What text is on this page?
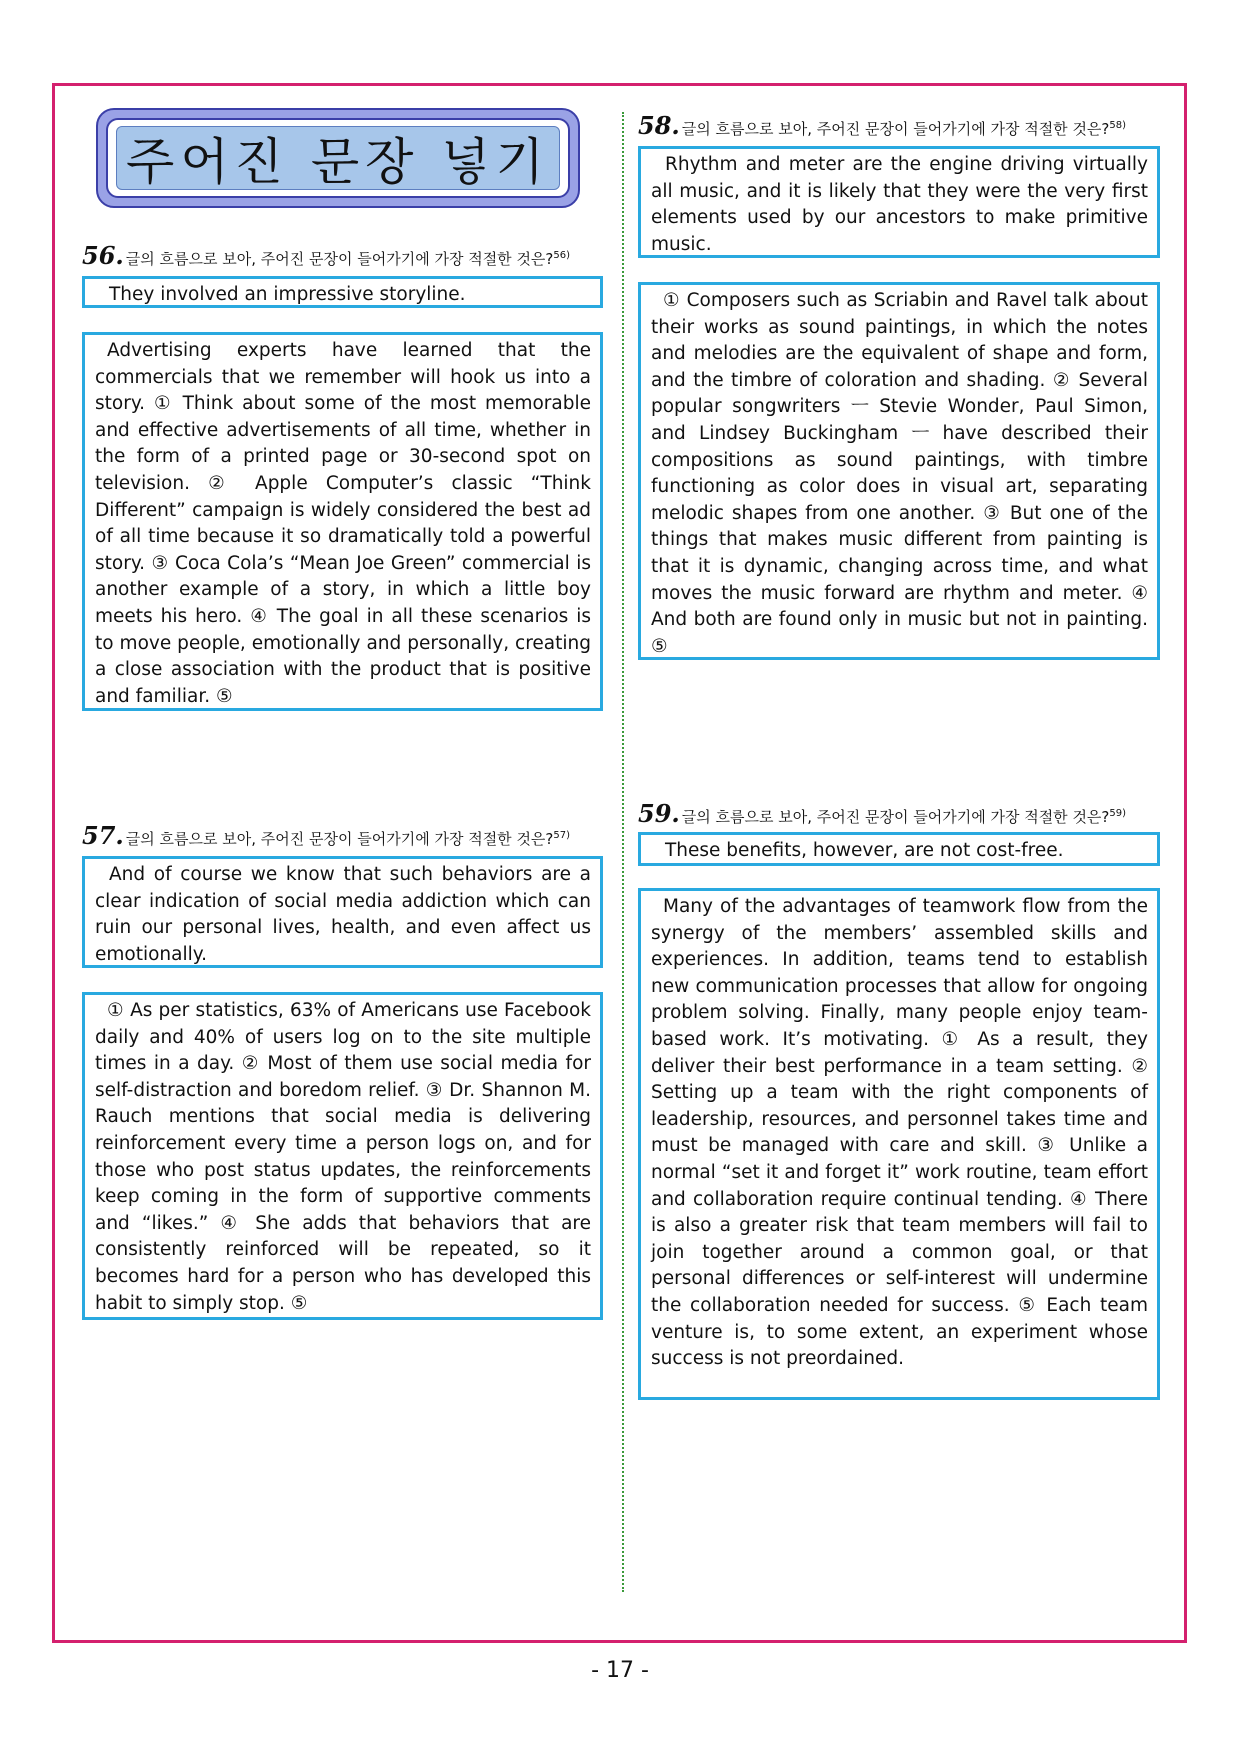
주어진 문장 넣기
56. 글의 흐름으로 보아, 주어진 문장이 들어가기에 가장 적절한 것은?$^{56)}$

They involved an impressive storyline.

Advertising experts have learned that the commercials that we remember will hook us into a story. ① Think about some of the most memorable and effective advertisements of all time, whether in the form of a printed page or 30-second spot on television. ② Apple Computer’s classic “Think Different” campaign is widely considered the best ad of all time because it so dramatically told a powerful story. ③ Coca Cola’s “Mean Joe Green” commercial is another example of a story, in which a little boy meets his hero. ④ The goal in all these scenarios is to move people, emotionally and personally, creating a close association with the product that is positive and familiar. ⑤

57. 글의 흐름으로 보아, 주어진 문장이 들어가기에 가장 적절한 것은?$^{57)}$

And of course we know that such behaviors are a clear indication of social media addiction which can ruin our personal lives, health, and even affect us emotionally.

① As per statistics, 63% of Americans use Facebook daily and 40% of users log on to the site multiple times in a day. ② Most of them use social media for self-distraction and boredom relief. ③ Dr. Shannon M. Rauch mentions that social media is delivering reinforcement every time a person logs on, and for those who post status updates, the reinforcements keep coming in the form of supportive comments and “likes.” ④ She adds that behaviors that are consistently reinforced will be repeated, so it becomes hard for a person who has developed this habit to simply stop. ⑤

58. 글의 흐름으로 보아, 주어진 문장이 들어가기에 가장 적절한 것은?$^{58)}$

Rhythm and meter are the engine driving virtually all music, and it is likely that they were the very first elements used by our ancestors to make primitive music.

① Composers such as Scriabin and Ravel talk about their works as sound paintings, in which the notes and melodies are the equivalent of shape and form, and the timbre of coloration and shading. ② Several popular songwriters ㅡ Stevie Wonder, Paul Simon, and Lindsey Buckingham ㅡ have described their compositions as sound paintings, with timbre functioning as color does in visual art, separating melodic shapes from one another. ③ But one of the things that makes music different from painting is that it is dynamic, changing across time, and what moves the music forward are rhythm and meter. ④ And both are found only in music but not in painting. ⑤

59. 글의 흐름으로 보아, 주어진 문장이 들어가기에 가장 적절한 것은?$^{59)}$

These benefits, however, are not cost-free.

Many of the advantages of teamwork flow from the synergy of the members’ assembled skills and experiences. In addition, teams tend to establish new communication processes that allow for ongoing problem solving. Finally, many people enjoy team-based work. It’s motivating. ① As a result, they deliver their best performance in a team setting. ② Setting up a team with the right components of leadership, resources, and personnel takes time and must be managed with care and skill. ③ Unlike a normal “set it and forget it” work routine, team effort and collaboration require continual tending. ④ There is also a greater risk that team members will fail to join together around a common goal, or that personal differences or self-interest will undermine the collaboration needed for success. ⑤ Each team venture is, to some extent, an experiment whose success is not preordained.

- 17 -
